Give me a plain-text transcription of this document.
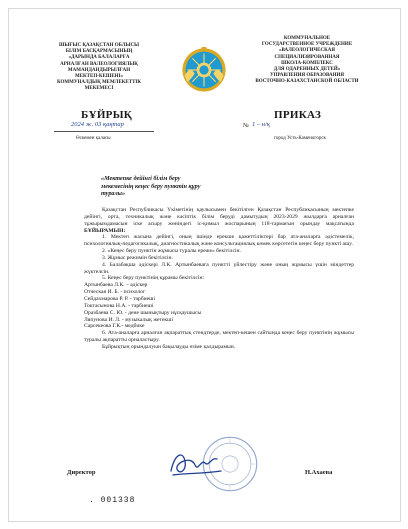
ШЫҒЫС ҚАЗАҚСТАН ОБЛЫСЫ
БІЛІМ БАСҚАРМАСЫНЫҢ
«ДАРЫНДА БАЛАЛАРҒА
АРНАЛҒАН ВАЛЕОЛОГИЯЛЫҚ
МАМАНДАНДЫРЫЛҒАН
МЕКТЕП-КЕШЕНІ»
КОММУНАЛДЫҚ МЕМЛЕКЕТТІК
МЕКЕМЕСІ
КОММУНАЛЬНОЕ
ГОСУДАРСТВЕННОЕ УЧРЕЖДЕНИЕ
«ВАЛЕОЛОГИЧЕСКАЯ
СПЕЦИАЛИЗИРОВАННАЯ
ШКОЛА-КОМПЛЕКС
ДЛЯ ОДАРЕННЫХ ДЕТЕЙ»
УПРАВЛЕНИЯ ОБРАЗОВАНИЯ
ВОСТОЧНО-КАЗАХСТАНСКОЙ ОБЛАСТИ
БҰЙРЫҚ	ПРИКАЗ
2024 ж. 03 қаңтар
Өскемен қаласы
№ 1 – н/қ
город Усть-Каменогорск
«Мектепке дейінгі білім беру мекемесінің кеңес беру пунктін құру туралы»

Қазақстан Республикасы Үкіметінің қаулысымен бекітілген Қазақстан Республикасының мектепке дейінгі, орта, техникалық және кәсіптік білім беруді дамытудың 2023-2029 жылдарға арналған тұжырымдамасын іске асыру жөніндегі іс-қимыл жоспарының 118-тармағын орындау мақсатында БҰЙЫРАМЫН:

1. Мектеп жасына дейінгі, оның ішінде ерекше қажеттіліктері бар ата-аналарға әдістемелік, психологиялық-педагогикалық, диагностикалық және консультациялық көмек көрсететін кеңес беру пункті ашу.

2. «Кеңес беру пунктін жұмысы туралы ереже» бекітілсін.

3. Жұмыс режимін бекітілсін.

4. Балабақша әдіскері Л.К. Артынбаевага пунктті үйлестіру және оның жұмысы үшін міндеттер жүктелсін.

5. Кеңес беру пунктінің құрамы бекітілсін:

Артынбаева Л.К. – әдіскер

Отческая И. Б. - психолог

Сейдахмарова Р. Р. - тәрбиеші

Токтасынова Н.А. - тәрбиеші

Оразбаева С. Ю. - дене шынықтыру нұсқаушысы

Ляпунова И. Л. - музыкалық жетекші

Сарсекеова Г.К.- медбике

6. Ата-аналарға арналған ақпараттық стендтерде, мектеп-кешен сайтында кеңес беру пунктінің жұмысы туралы ақпаратты орналастыру.

Бұйрықтың орындалуын бақылауды өзіме қалдырамын.

Директор	Н.Ахаева
. 001338
